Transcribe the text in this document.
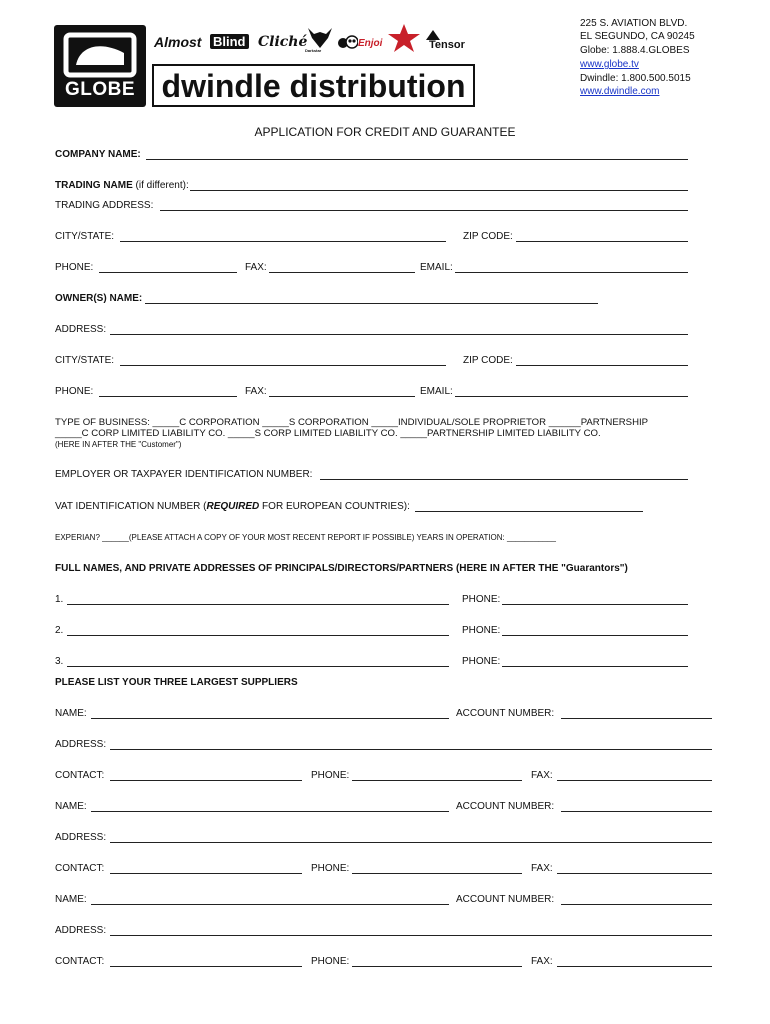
GLOBE
Almost Blind Cliché
Darkstar
Enjoi	Tensor
dwindle distribution
225 S. AVIATION BLVD.
EL SEGUNDO, CA 90245
Globe: 1.888.4.GLOBES
www.globe.tv
Dwindle: 1.800.500.5015
www.dwindle.com
APPLICATION FOR CREDIT AND GUARANTEE
COMPANY NAME:
TRADING NAME (if different):
TRADING ADDRESS:
CITY/STATE:	ZIP CODE:
PHONE:	FAX:	EMAIL:
OWNER(S) NAME:
ADDRESS:
CITY/STATE:	ZIP CODE:
PHONE:	FAX:	EMAIL:
TYPE OF BUSINESS: _____C CORPORATION _____S CORPORATION _____INDIVIDUAL/SOLE PROPRIETOR ______PARTNERSHIP
_____C CORP LIMITED LIABILITY CO. _____S CORP LIMITED LIABILITY CO. _____PARTNERSHIP LIMITED LIABILITY CO.
(HERE IN AFTER THE "Customer")
EMPLOYER OR TAXPAYER IDENTIFICATION NUMBER:
VAT IDENTIFICATION NUMBER (REQUIRED FOR EUROPEAN COUNTRIES):
EXPERIAN? ______(PLEASE ATTACH A COPY OF YOUR MOST RECENT REPORT IF POSSIBLE) YEARS IN OPERATION: ___________
FULL NAMES, AND PRIVATE ADDRESSES OF PRINCIPALS/DIRECTORS/PARTNERS (HERE IN AFTER THE "Guarantors")
1.	PHONE:
2.	PHONE:
3.	PHONE:
PLEASE LIST YOUR THREE LARGEST SUPPLIERS
NAME:	ACCOUNT NUMBER:
ADDRESS:
CONTACT:	PHONE:	FAX:
NAME:	ACCOUNT NUMBER:
ADDRESS:
CONTACT:	PHONE:	FAX:
NAME:	ACCOUNT NUMBER:
ADDRESS:
CONTACT:	PHONE:	FAX:
